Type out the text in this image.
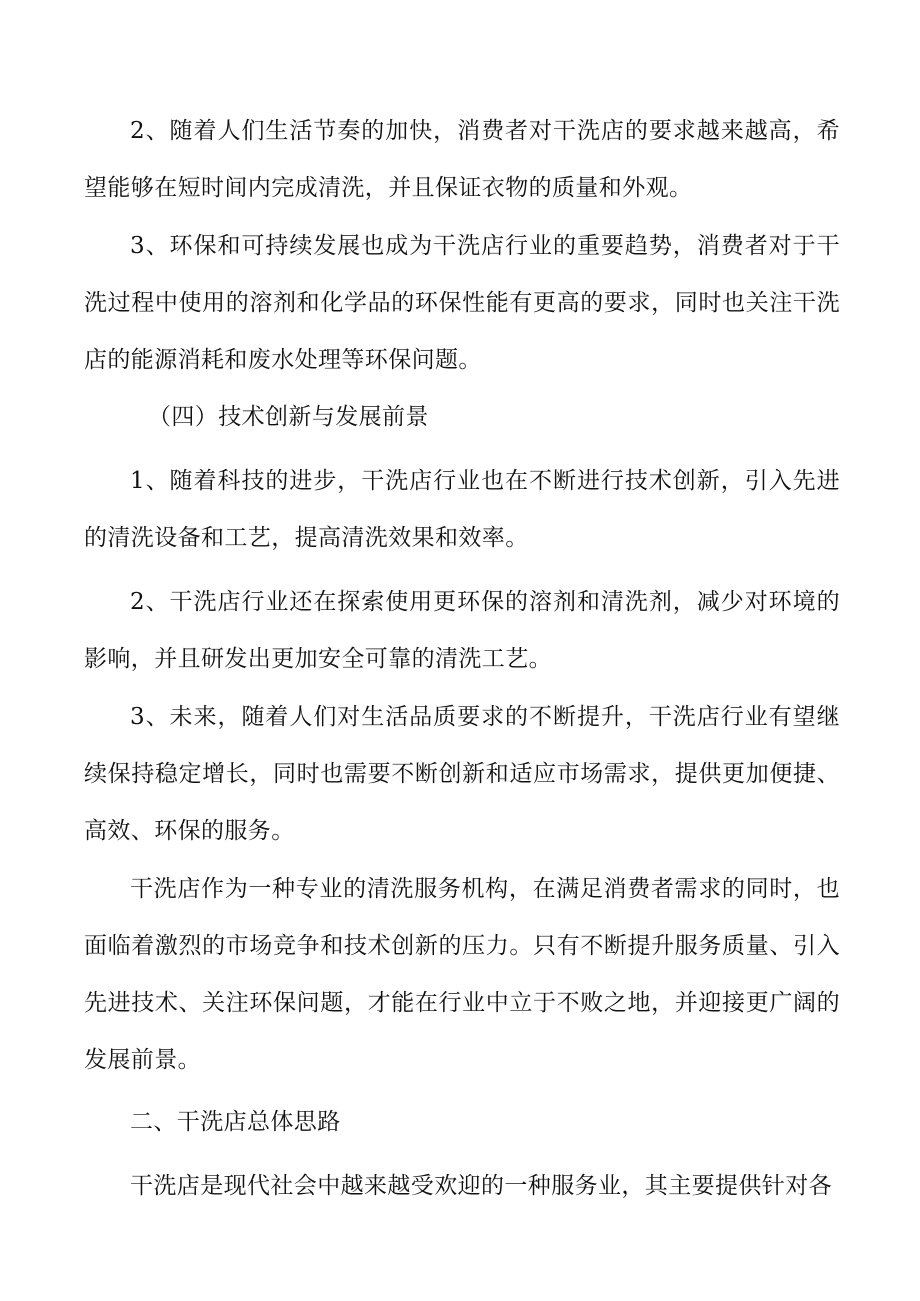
2、随着人们生活节奏的加快，消费者对干洗店的要求越来越高，希望能够在短时间内完成清洗，并且保证衣物的质量和外观。

3、环保和可持续发展也成为干洗店行业的重要趋势，消费者对于干洗过程中使用的溶剂和化学品的环保性能有更高的要求，同时也关注干洗店的能源消耗和废水处理等环保问题。

（四）技术创新与发展前景

1、随着科技的进步，干洗店行业也在不断进行技术创新，引入先进的清洗设备和工艺，提高清洗效果和效率。

2、干洗店行业还在探索使用更环保的溶剂和清洗剂，减少对环境的影响，并且研发出更加安全可靠的清洗工艺。

3、未来，随着人们对生活品质要求的不断提升，干洗店行业有望继续保持稳定增长，同时也需要不断创新和适应市场需求，提供更加便捷、高效、环保的服务。

干洗店作为一种专业的清洗服务机构，在满足消费者需求的同时，也面临着激烈的市场竞争和技术创新的压力。只有不断提升服务质量、引入先进技术、关注环保问题，才能在行业中立于不败之地，并迎接更广阔的发展前景。

二、干洗店总体思路

干洗店是现代社会中越来越受欢迎的一种服务业，其主要提供针对各
